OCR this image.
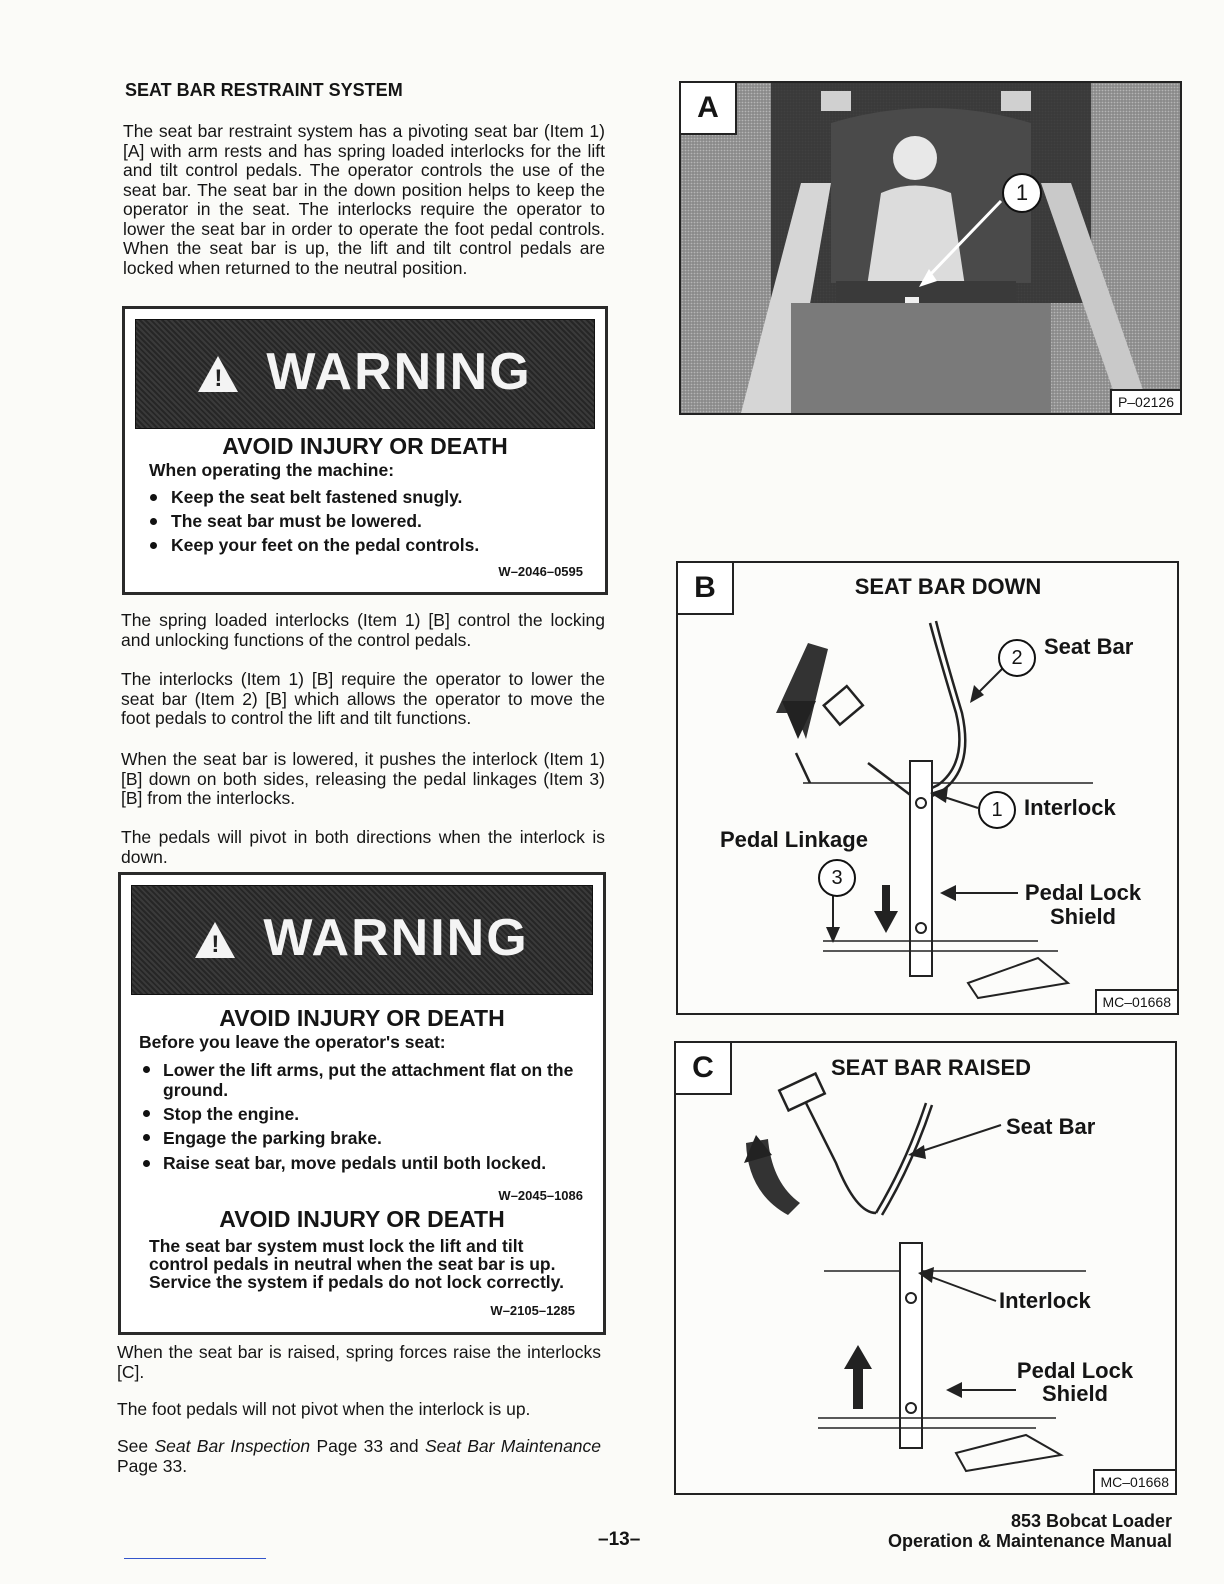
SEAT BAR RESTRAINT SYSTEM

The seat bar restraint system has a pivoting seat bar (Item 1) [A] with arm rests and has spring loaded interlocks for the lift and tilt control pedals. The operator controls the use of the seat bar. The seat bar in the down position helps to keep the operator in the seat. The interlocks require the operator to lower the seat bar in order to operate the foot pedal controls. When the seat bar is up, the lift and tilt control pedals are locked when returned to the neutral position.

!WARNING
AVOID INJURY OR DEATH
When operating the machine:
Keep the seat belt fastened snugly.
The seat bar must be lowered.
Keep your feet on the pedal controls.
W–2046–0595

The spring loaded interlocks (Item 1) [B] control the locking and unlocking functions of the control pedals.

The interlocks (Item 1) [B] require the operator to lower the seat bar (Item 2) [B] which allows the operator to move the foot pedals to control the lift and tilt functions.

When the seat bar is lowered, it pushes the interlock (Item 1) [B] down on both sides, releasing the pedal linkages (Item 3) [B] from the interlocks.

The pedals will pivot in both directions when the interlock is down.

!WARNING
AVOID INJURY OR DEATH
Before you leave the operator's seat:
Lower the lift arms, put the attachment flat on the ground.
Stop the engine.
Engage the parking brake.
Raise seat bar, move pedals until both locked.
W–2045–1086
AVOID INJURY OR DEATH
The seat bar system must lock the lift and tilt control pedals in neutral when the seat bar is up. Service the system if pedals do not lock correctly.
W–2105–1285

When the seat bar is raised, spring forces raise the interlocks [C].

The foot pedals will not pivot when the interlock is up.

See Seat Bar Inspection Page 33 and Seat Bar Maintenance Page 33.

A
1
P–02126
B	SEAT BAR DOWN
2 Seat Bar
1 Interlock
Pedal Linkage
3
Pedal Lock
Shield
MC–01668
C	SEAT BAR RAISED
Seat Bar
Interlock
Pedal Lock
Shield
MC–01668
–13–
853 Bobcat Loader
Operation & Maintenance Manual
